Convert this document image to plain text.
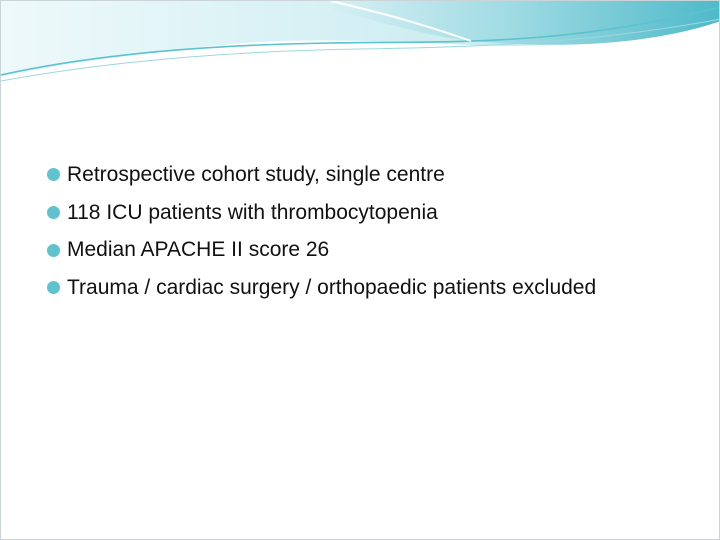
Retrospective cohort study, single centre
118 ICU patients with thrombocytopenia
Median APACHE II score 26
Trauma / cardiac surgery / orthopaedic patients excluded
